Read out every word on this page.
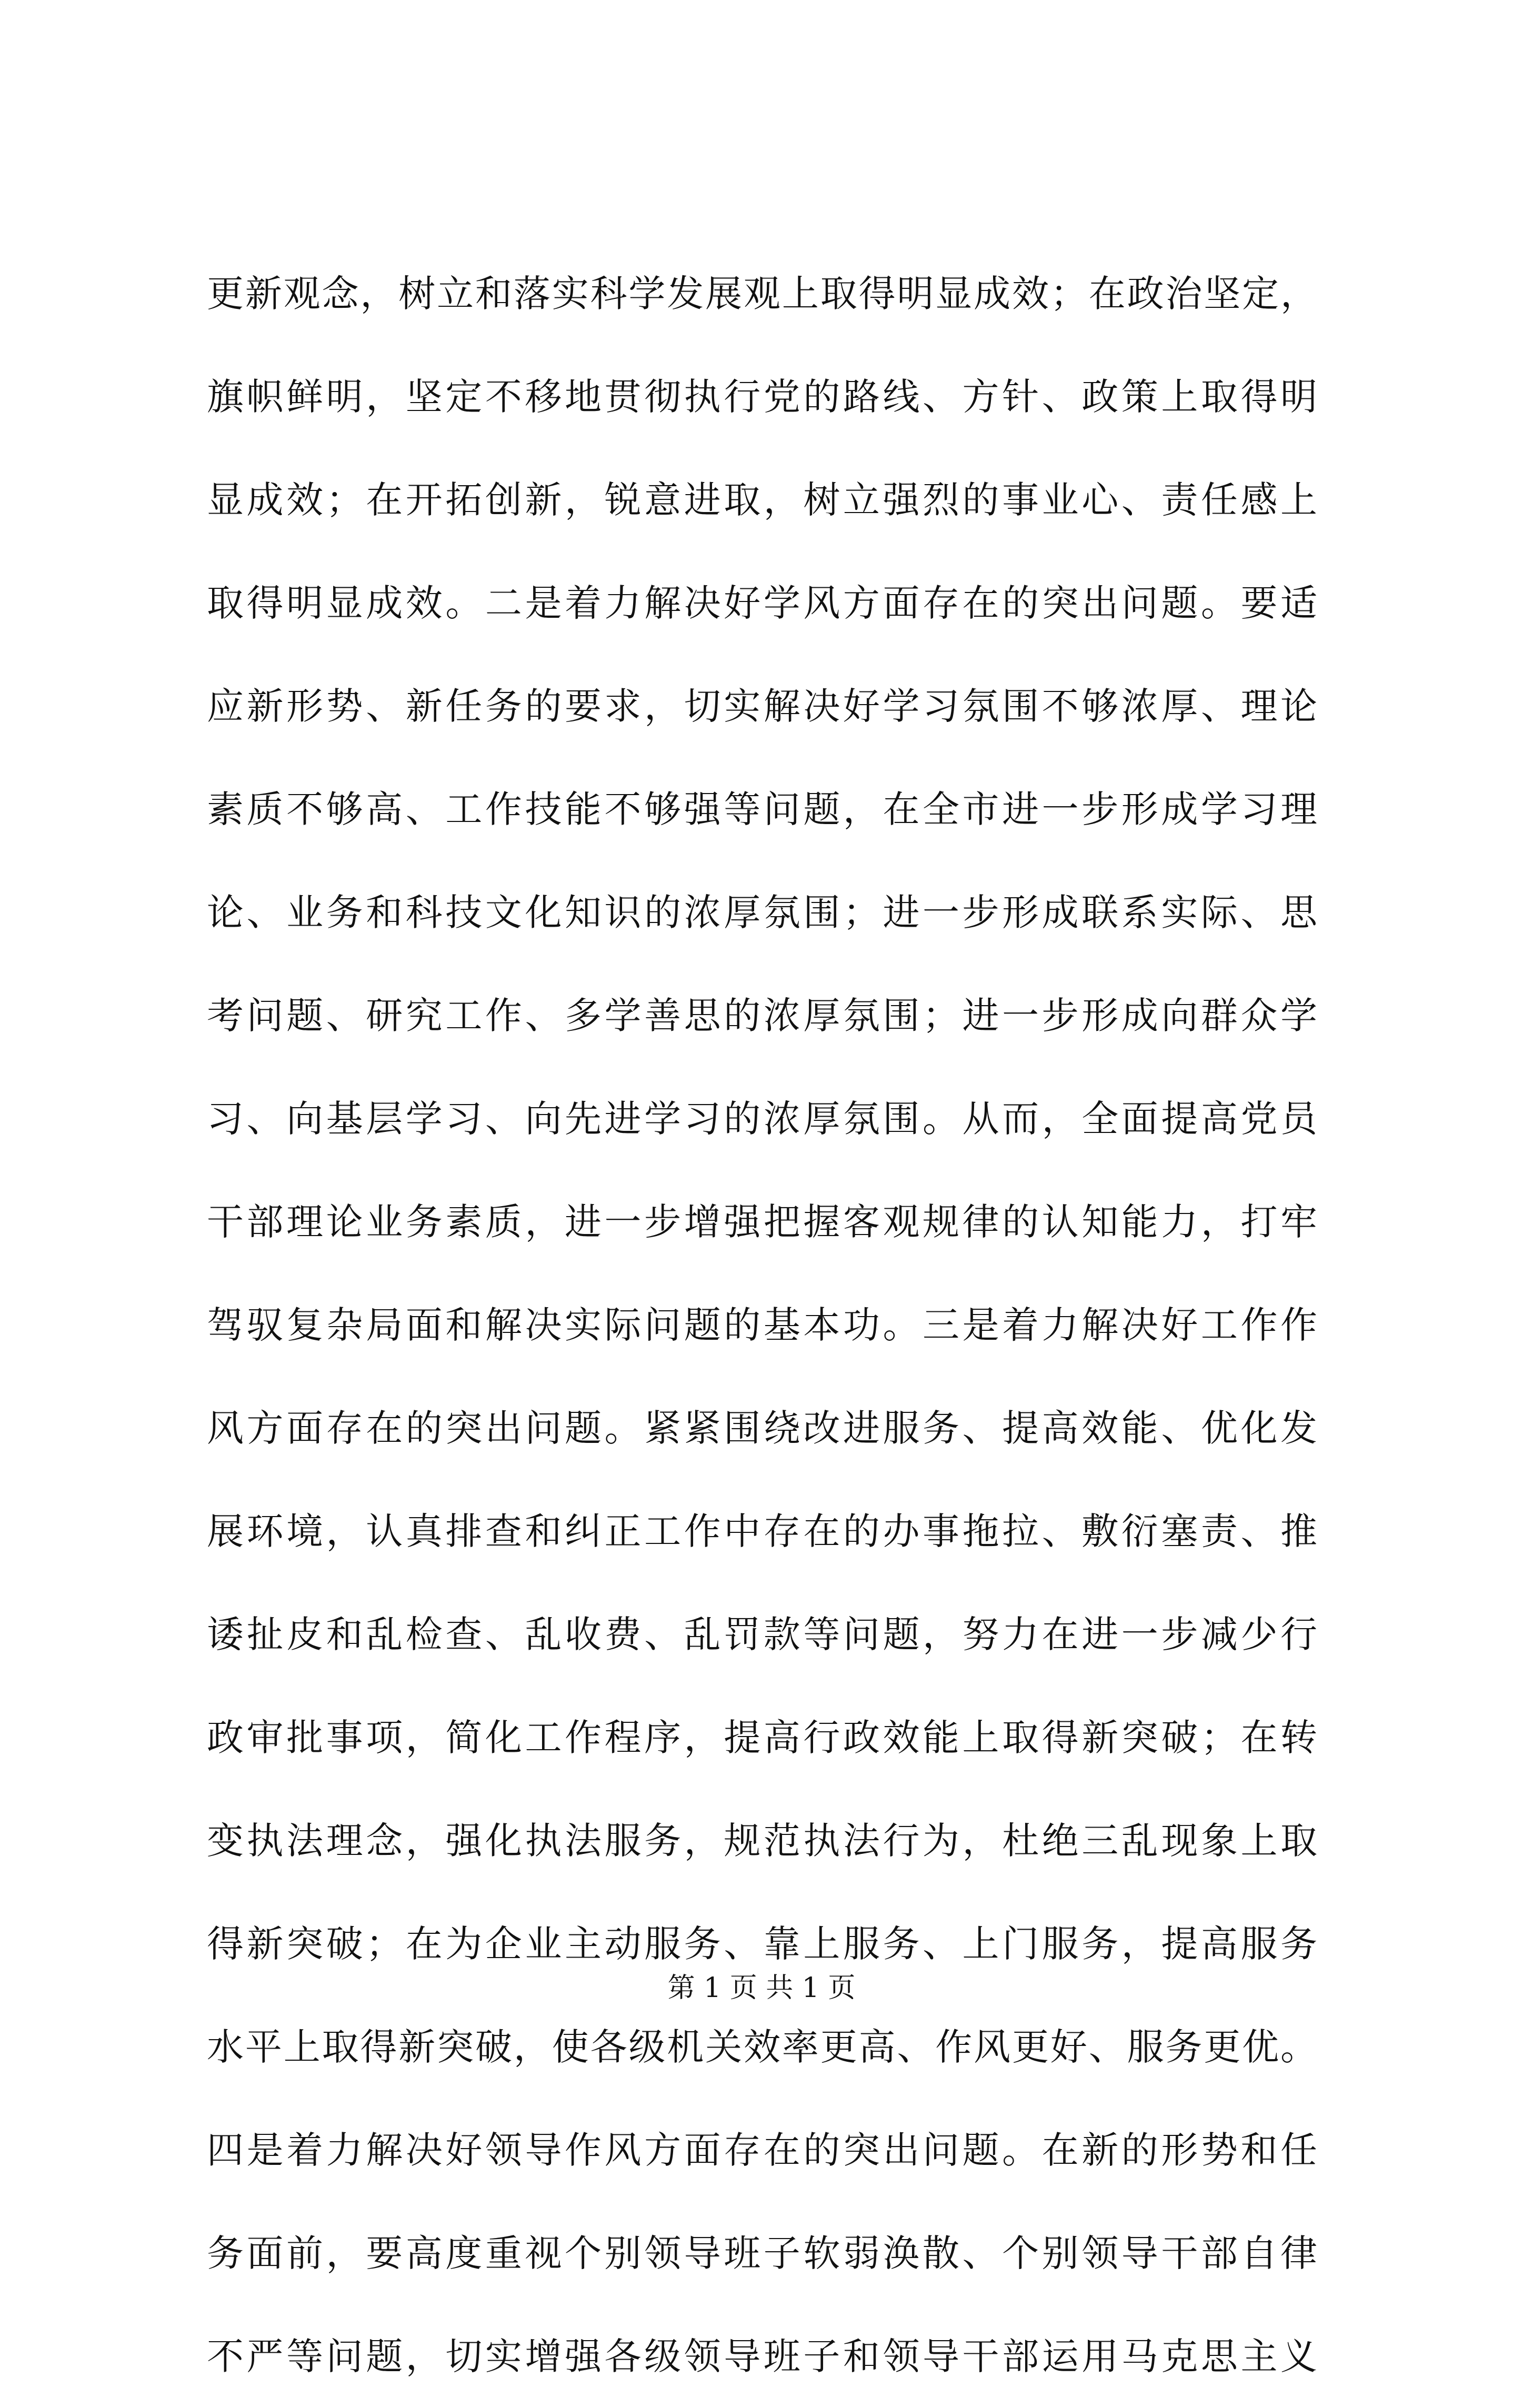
更新观念，树立和落实科学发展观上取得明显成效；在政治坚定，
旗帜鲜明，坚定不移地贯彻执行党的路线、方针、政策上取得明
显成效；在开拓创新，锐意进取，树立强烈的事业心、责任感上
取得明显成效。二是着力解决好学风方面存在的突出问题。要适
应新形势、新任务的要求，切实解决好学习氛围不够浓厚、理论
素质不够高、工作技能不够强等问题，在全市进一步形成学习理
论、业务和科技文化知识的浓厚氛围；进一步形成联系实际、思
考问题、研究工作、多学善思的浓厚氛围；进一步形成向群众学
习、向基层学习、向先进学习的浓厚氛围。从而，全面提高党员
干部理论业务素质，进一步增强把握客观规律的认知能力，打牢
驾驭复杂局面和解决实际问题的基本功。三是着力解决好工作作
风方面存在的突出问题。紧紧围绕改进服务、提高效能、优化发
展环境，认真排查和纠正工作中存在的办事拖拉、敷衍塞责、推
诿扯皮和乱检查、乱收费、乱罚款等问题，努力在进一步减少行
政审批事项，简化工作程序，提高行政效能上取得新突破；在转
变执法理念，强化执法服务，规范执法行为，杜绝三乱现象上取
得新突破；在为企业主动服务、靠上服务、上门服务，提高服务
水平上取得新突破，使各级机关效率更高、作风更好、服务更优。
四是着力解决好领导作风方面存在的突出问题。在新的形势和任
务面前，要高度重视个别领导班子软弱涣散、个别领导干部自律
不严等问题，切实增强各级领导班子和领导干部运用马克思主义
第 1 页 共 1 页
